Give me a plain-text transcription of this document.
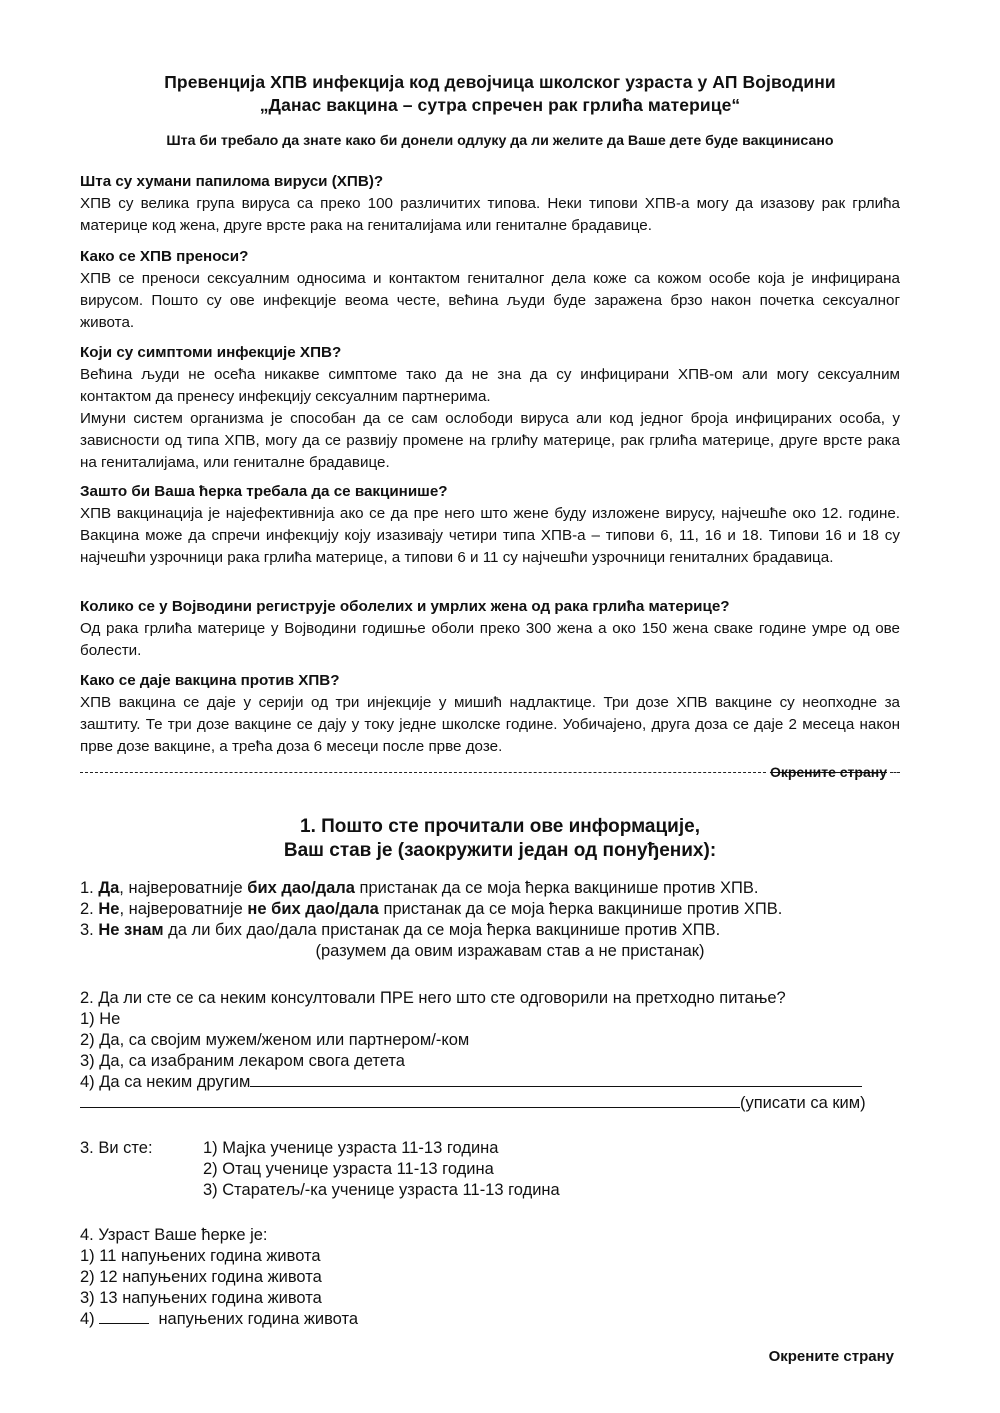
Превенција ХПВ инфекција код девојчица школског узраста у АП Војводини
„Данас вакцина – сутра спречен рак грлића материце“
Шта би требало да знате како би донели одлуку да ли желите да Ваше дете буде вакцинисано
Шта су хумани папилома вируси (ХПВ)?

ХПВ су велика група вируса са преко 100 различитих типова. Неки типови ХПВ-а могу да изазову рак грлића материце код жена, друге врсте рака на гениталијама или гениталне брадавице.

Како се ХПВ преноси?

ХПВ се преноси сексуалним односима и контактом гениталног дела коже са кожом особе која је инфицирана вирусом. Пошто су ове инфекције веома честе, већина људи буде заражена брзо након почетка сексуалног живота.

Који су симптоми инфекције ХПВ?

Већина људи не осећа никакве симптоме тако да не зна да су инфицирани ХПВ-ом али могу сексуалним контактом да пренесу инфекцију сексуалним партнерима.

Имуни систем организма је способан да се сам ослободи вируса али код једног броја инфицираних особа, у зависности од типа ХПВ, могу да се развију промене на грлићу материце, рак грлића материце, друге врсте рака на гениталијама, или гениталне брадавице.

Зашто би Ваша ћерка требала да се вакцинише?

ХПВ вакцинација је најефективнија ако се да пре него што жене буду изложене вирусу, најчешће око 12. године. Вакцина може да спречи инфекцију коју изазивају четири типа ХПВ-а – типови 6, 11, 16 и 18. Типови 16 и 18 су најчешћи узрочници рака грлића материце, а типови 6 и 11 су најчешћи узрочници гениталних брадавица.

Колико се у Војводини региструје оболелих и умрлих жена од рака грлића материце?

Од рака грлића материце у Војводини годишње оболи преко 300 жена а око 150 жена сваке године умре од ове болести.

Како се даје вакцина против ХПВ?

ХПВ вакцина се даје у серији од три инјекције у мишић надлактице. Три дозе ХПВ вакцине су неопходне за заштиту. Те три дозе вакцине се дају у току једне школске године. Уобичајено, друга доза се даје 2 месеца након прве дозе вакцине, а трећа доза 6 месеци после прве дозе.

Окрените страну
1. Пошто сте прочитали ове информације,
Ваш став је (заокружити један од понуђених):
1. Да, највероватније бих дао/дала пристанак да се моја ћерка вакцинише против ХПВ.
2. Не, највероватније не бих дао/дала пристанак да се моја ћерка вакцинише против ХПВ.
3. Не знам да ли бих дао/дала пристанак да се моја ћерка вакцинише против ХПВ.
(разумем да овим изражавам став а не пристанак)
2. Да ли сте се са неким консултовали ПРЕ него што сте одговорили на претходно питање?
1) Не
2) Да, са својим мужем/женом или партнером/-ком
3) Да, са изабраним лекаром свога детета
4) Да са неким другим
(уписати са ким)
3. Ви сте:	1) Мајка ученице узраста 11-13 година
2) Отац ученице узраста 11-13 година
3) Старатељ/-ка ученице узраста 11-13 година
4. Узраст Ваше ћерке је:
1) 11 напуњених година живота
2) 12 напуњених година живота
3) 13 напуњених година живота
4)	напуњених година живота
Окрените страну
